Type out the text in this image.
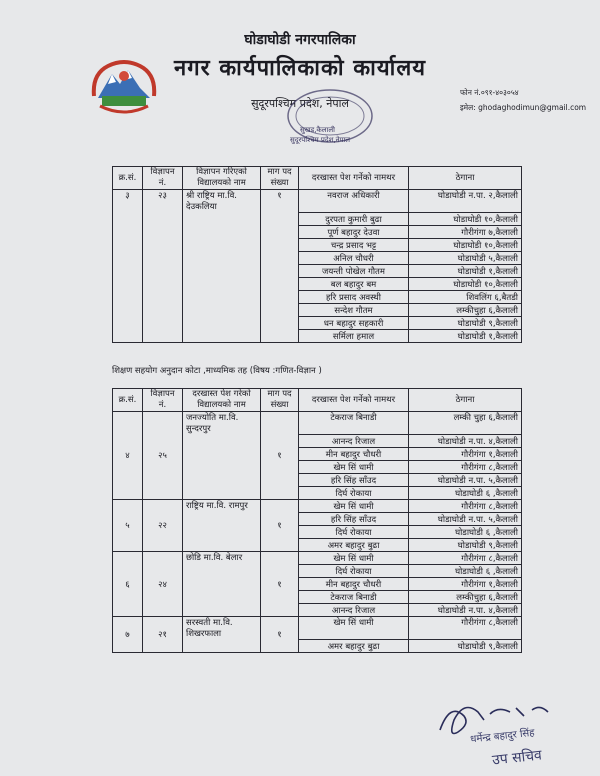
घोडाघोडी नगरपालिका
नगर कार्यपालिकाको कार्यालय
सुदूरपश्चिम प्रदेश, नेपाल
फोन नं.०९१-४०३०५४
इमेल: ghodaghodimun@gmail.com
सुखड,कैलाली
सुदूरपश्चिम प्रदेश,नेपाल
क्र.सं.	विज्ञापन नं.	विज्ञापन गरिएको विद्यालयको नाम	माग पद संख्या	दरखास्त पेश गर्नेको नामथर	ठेगाना
३	२३	श्री राष्ट्रिय मा.वि. देउकलिया	१	नवराज अधिकारी	घोडाघोडी न.पा. २,कैलाली
				दुरपता कुमारी बुढा	घोडाघोडी १०,कैलाली
				पूर्ण बहादुर देउवा	गौरीगंगा ७,कैलाली
				चन्द्र प्रसाद भट्ट	घोडाघोडी १०,कैलाली
				अनिल चौधरी	घोडाघोडी ५,कैलाली
				जयन्ती पोखेल गौतम	घोडाघोडी १,कैलाली
				बल बहादुर बम	घोडाघोडी १०,कैलाली
				हरि प्रसाद अवस्थी	शिवलिंग ६,बैतडी
				सन्देश गौतम	लम्कीचुहा ६,कैलाली
				धन बहादुर सहकारी	घोडाघोडी ९,कैलाली
				सर्मिला हमाल	घोडाघोडी १,कैलाली
शिक्षण सहयोग अनुदान कोटा ,माध्यमिक तह (विषय :गणित-विज्ञान )
क्र.सं.	विज्ञापन नं.	दरखास्त पेश गरेको विद्यालयको नाम	माग पद संख्या	दरखास्त पेश गर्नेको नामथर	ठेगाना
४	२५	जनज्योति मा.वि. सुन्दरपुर	१	टेकराज बिनाडी	लम्की चुहा ६,कैलाली
				आनन्द रिजाल	घोडाघोडी न.पा. ४,कैलाली
				मीन बहादुर चौधरी	गौरीगंगा १,कैलाली
				खेम सिं धामी	गौरीगंगा ८,कैलाली
				हरि सिंह साँउद	घोडाघोडी न.पा. ५,कैलाली
				दिर्घ रोकाया	घोडाघोडी ६ ,कैलाली
५	२२	राष्ट्रिय मा.वि. रामपुर	१	खेम सिं धामी	गौरीगंगा ८,कैलाली
				हरि सिंह साँउद	घोडाघोडी न.पा. ५,कैलाली
				दिर्घ रोकाया	घोडाघोडी ६ ,कैलाली
				अमर बहादुर बुढा	घोडाघोडी ९,कैलाली
६	२४	छोडि मा.वि. बेलार	१	खेम सिं धामी	गौरीगंगा ८,कैलाली
				दिर्घ रोकाया	घोडाघोडी ६ ,कैलाली
				मीन बहादुर चौधरी	गौरीगंगा १,कैलाली
				टेकराज बिनाडी	लम्कीचुहा ६,कैलाली
				आनन्द रिजाल	घोडाघोडी न.पा. ४,कैलाली
७	२१	सरस्वती मा.वि. शिखरफाला	१	खेम सिं धामी	गौरीगंगा ८,कैलाली
				अमर बहादुर बुढा	घोडाघोडी ९,कैलाली
धर्मेन्द्र बहादुर सिंह
उप सचिव
